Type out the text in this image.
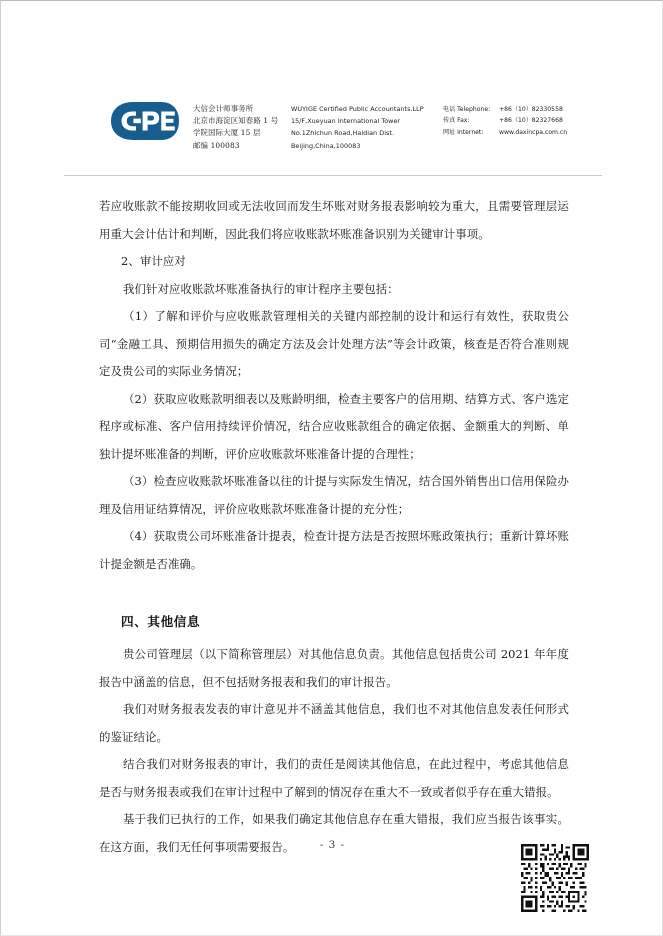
大信会计师事务所
北京市海淀区知春路 1 号
学院国际大厦 15 层
邮编 100083
WUYIGE Certified Public Accountants.LLP
15/F,Xueyuan International Tower
No.1Zhichun Road,Haidian Dist.
Beijing,China,100083
电话 Telephone: +86（10）82330558
传真 Fax:	+86（10）82327668
网址 Internet:	www.daxincpa.com.cn

若应收账款不能按期收回或无法收回而发生坏账对财务报表影响较为重大，且需要管理层运用重大会计估计和判断，因此我们将应收账款坏账准备识别为关键审计事项。

2、审计应对

我们针对应收账款坏账准备执行的审计程序主要包括：

（1）了解和评价与应收账款管理相关的关键内部控制的设计和运行有效性，获取贵公司“金融工具、预期信用损失的确定方法及会计处理方法”等会计政策，核查是否符合准则规定及贵公司的实际业务情况；

（2）获取应收账款明细表以及账龄明细，检查主要客户的信用期、结算方式、客户选定程序或标准、客户信用持续评价情况，结合应收账款组合的确定依据、金额重大的判断、单独计提坏账准备的判断，评价应收账款坏账准备计提的合理性；

（3）检查应收账款坏账准备以往的计提与实际发生情况，结合国外销售出口信用保险办理及信用证结算情况，评价应收账款坏账准备计提的充分性；

（4）获取贵公司坏账准备计提表，检查计提方法是否按照坏账政策执行；重新计算坏账计提金额是否准确。

四、其他信息

贵公司管理层（以下简称管理层）对其他信息负责。其他信息包括贵公司 2021 年年度报告中涵盖的信息，但不包括财务报表和我们的审计报告。

我们对财务报表发表的审计意见并不涵盖其他信息，我们也不对其他信息发表任何形式的鉴证结论。

结合我们对财务报表的审计，我们的责任是阅读其他信息，在此过程中，考虑其他信息是否与财务报表或我们在审计过程中了解到的情况存在重大不一致或者似乎存在重大错报。

基于我们已执行的工作，如果我们确定其他信息存在重大错报，我们应当报告该事实。在这方面，我们无任何事项需要报告。	- 3 -
